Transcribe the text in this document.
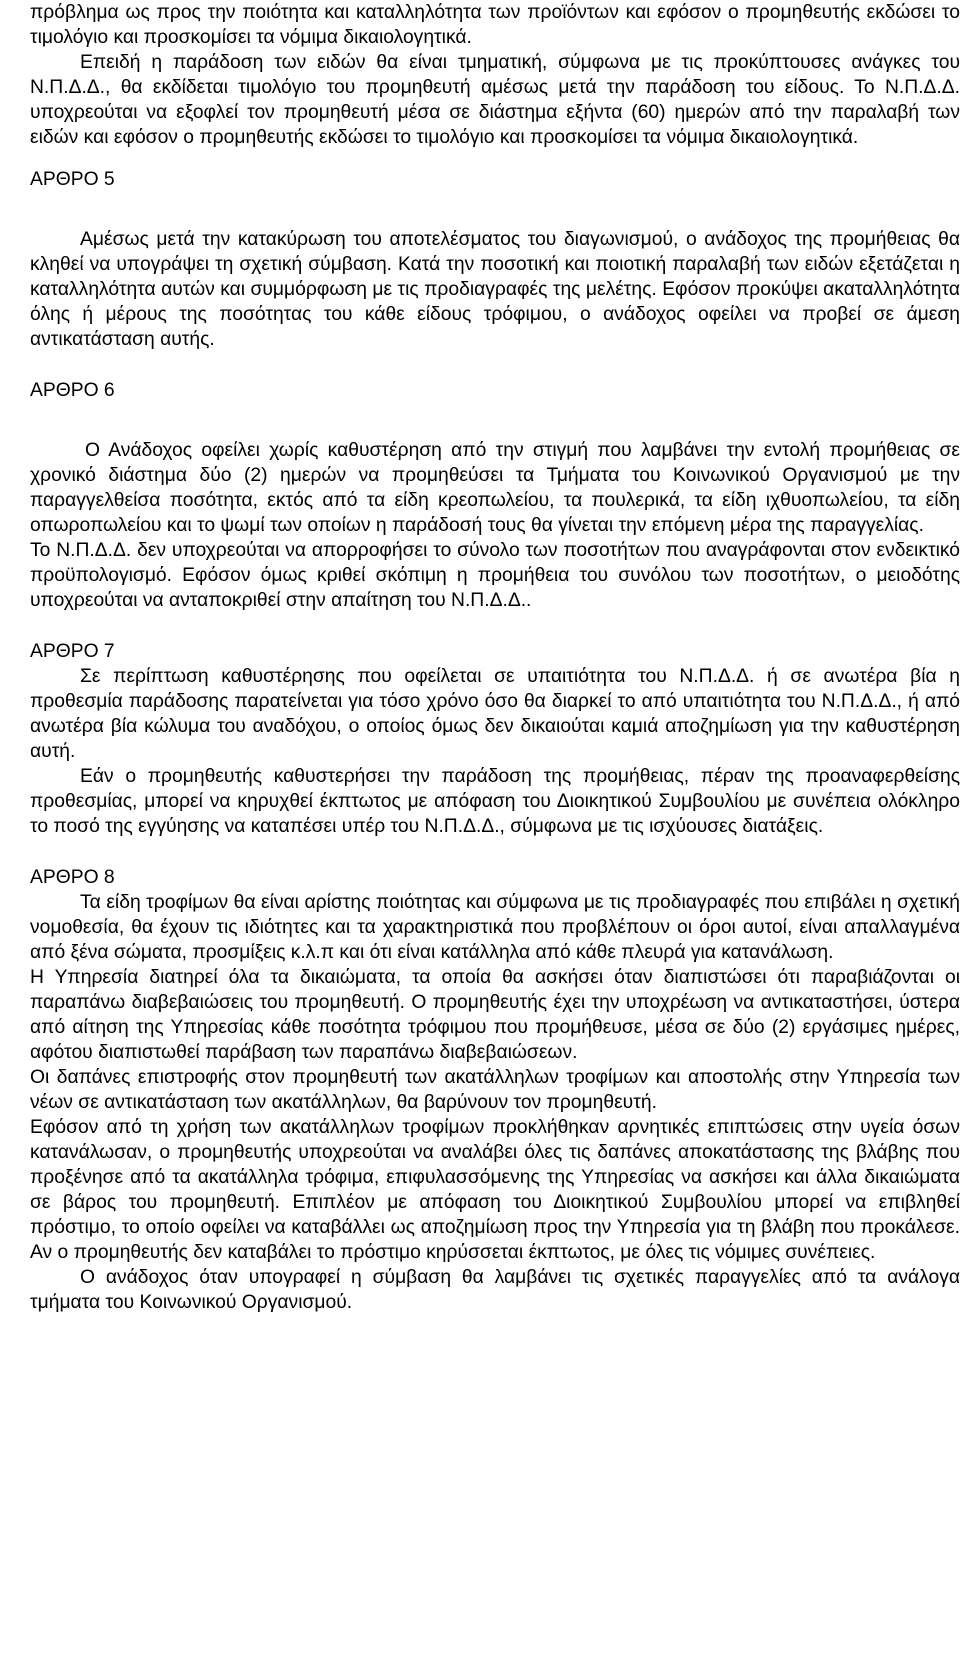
πρόβλημα ως προς την ποιότητα και καταλληλότητα των προϊόντων και εφόσον ο προμηθευτής εκδώσει το τιμολόγιο και προσκομίσει τα νόμιμα δικαιολογητικά.

Επειδή η παράδοση των ειδών θα είναι τμηματική, σύμφωνα με τις προκύπτουσες ανάγκες του Ν.Π.Δ.Δ., θα εκδίδεται τιμολόγιο του προμηθευτή αμέσως μετά την παράδοση του είδους. Το Ν.Π.Δ.Δ. υποχρεούται να εξοφλεί τον προμηθευτή μέσα σε διάστημα εξήντα (60) ημερών από την παραλαβή των ειδών και εφόσον ο προμηθευτής εκδώσει το τιμολόγιο και προσκομίσει τα νόμιμα δικαιολογητικά.

ΑΡΘΡΟ 5

Αμέσως μετά την κατακύρωση του αποτελέσματος του διαγωνισμού, ο ανάδοχος της προμήθειας θα κληθεί να υπογράψει τη σχετική σύμβαση. Κατά την ποσοτική και ποιοτική παραλαβή των ειδών εξετάζεται η καταλληλότητα αυτών και συμμόρφωση με τις προδιαγραφές της μελέτης. Εφόσον προκύψει ακαταλληλότητα όλης ή μέρους της ποσότητας του κάθε είδους τρόφιμου, ο ανάδοχος οφείλει να προβεί σε άμεση αντικατάσταση αυτής.

ΑΡΘΡΟ 6

Ο Ανάδοχος οφείλει χωρίς καθυστέρηση από την στιγμή που λαμβάνει την εντολή προμήθειας σε χρονικό διάστημα δύο (2) ημερών να προμηθεύσει τα Τμήματα του Κοινωνικού Οργανισμού με την παραγγελθείσα ποσότητα, εκτός από τα είδη κρεοπωλείου, τα πουλερικά, τα είδη ιχθυοπωλείου, τα είδη οπωροπωλείου και το ψωμί των οποίων η παράδοσή τους θα γίνεται την επόμενη μέρα της παραγγελίας.

Το Ν.Π.Δ.Δ. δεν υποχρεούται να απορροφήσει το σύνολο των ποσοτήτων που αναγράφονται στον ενδεικτικό προϋπολογισμό. Εφόσον όμως κριθεί σκόπιμη η προμήθεια του συνόλου των ποσοτήτων, ο μειοδότης υποχρεούται να ανταποκριθεί στην απαίτηση του Ν.Π.Δ.Δ..

ΑΡΘΡΟ 7

Σε περίπτωση καθυστέρησης που οφείλεται σε υπαιτιότητα του Ν.Π.Δ.Δ. ή σε ανωτέρα βία η προθεσμία παράδοσης παρατείνεται για τόσο χρόνο όσο θα διαρκεί το από υπαιτιότητα του Ν.Π.Δ.Δ., ή από ανωτέρα βία κώλυμα του αναδόχου, ο οποίος όμως δεν δικαιούται καμιά αποζημίωση για την καθυστέρηση αυτή.

Εάν ο προμηθευτής καθυστερήσει την παράδοση της προμήθειας, πέραν της προαναφερθείσης προθεσμίας, μπορεί να κηρυχθεί έκπτωτος με απόφαση του Διοικητικού Συμβουλίου με συνέπεια ολόκληρο το ποσό της εγγύησης να καταπέσει υπέρ του Ν.Π.Δ.Δ., σύμφωνα με τις ισχύουσες διατάξεις.

ΑΡΘΡΟ 8

Τα είδη τροφίμων θα είναι αρίστης ποιότητας και σύμφωνα με τις προδιαγραφές που επιβάλει η σχετική νομοθεσία, θα έχουν τις ιδιότητες και τα χαρακτηριστικά που προβλέπουν οι όροι αυτοί, είναι απαλλαγμένα από ξένα σώματα, προσμίξεις κ.λ.π και ότι είναι κατάλληλα από κάθε πλευρά για κατανάλωση.

Η Υπηρεσία διατηρεί όλα τα δικαιώματα, τα οποία θα ασκήσει όταν διαπιστώσει ότι παραβιάζονται οι παραπάνω διαβεβαιώσεις του προμηθευτή. Ο προμηθευτής έχει την υποχρέωση να αντικαταστήσει, ύστερα από αίτηση της Υπηρεσίας κάθε ποσότητα τρόφιμου που προμήθευσε, μέσα σε δύο (2) εργάσιμες ημέρες, αφότου διαπιστωθεί παράβαση των παραπάνω διαβεβαιώσεων.

Οι δαπάνες επιστροφής στον προμηθευτή των ακατάλληλων τροφίμων και αποστολής στην Υπηρεσία των νέων σε αντικατάσταση των ακατάλληλων, θα βαρύνουν τον προμηθευτή.

Εφόσον από τη χρήση των ακατάλληλων τροφίμων προκλήθηκαν αρνητικές επιπτώσεις στην υγεία όσων κατανάλωσαν, ο προμηθευτής υποχρεούται να αναλάβει όλες τις δαπάνες αποκατάστασης της βλάβης που προξένησε από τα ακατάλληλα τρόφιμα, επιφυλασσόμενης της Υπηρεσίας να ασκήσει και άλλα δικαιώματα σε βάρος του προμηθευτή. Επιπλέον με απόφαση του Διοικητικού Συμβουλίου μπορεί να επιβληθεί πρόστιμο, το οποίο οφείλει να καταβάλλει ως αποζημίωση προς την Υπηρεσία για τη βλάβη που προκάλεσε. Αν ο προμηθευτής δεν καταβάλει το πρόστιμο κηρύσσεται έκπτωτος, με όλες τις νόμιμες συνέπειες.

Ο ανάδοχος όταν υπογραφεί η σύμβαση θα λαμβάνει τις σχετικές παραγγελίες από τα ανάλογα τμήματα του Κοινωνικού Οργανισμού.
